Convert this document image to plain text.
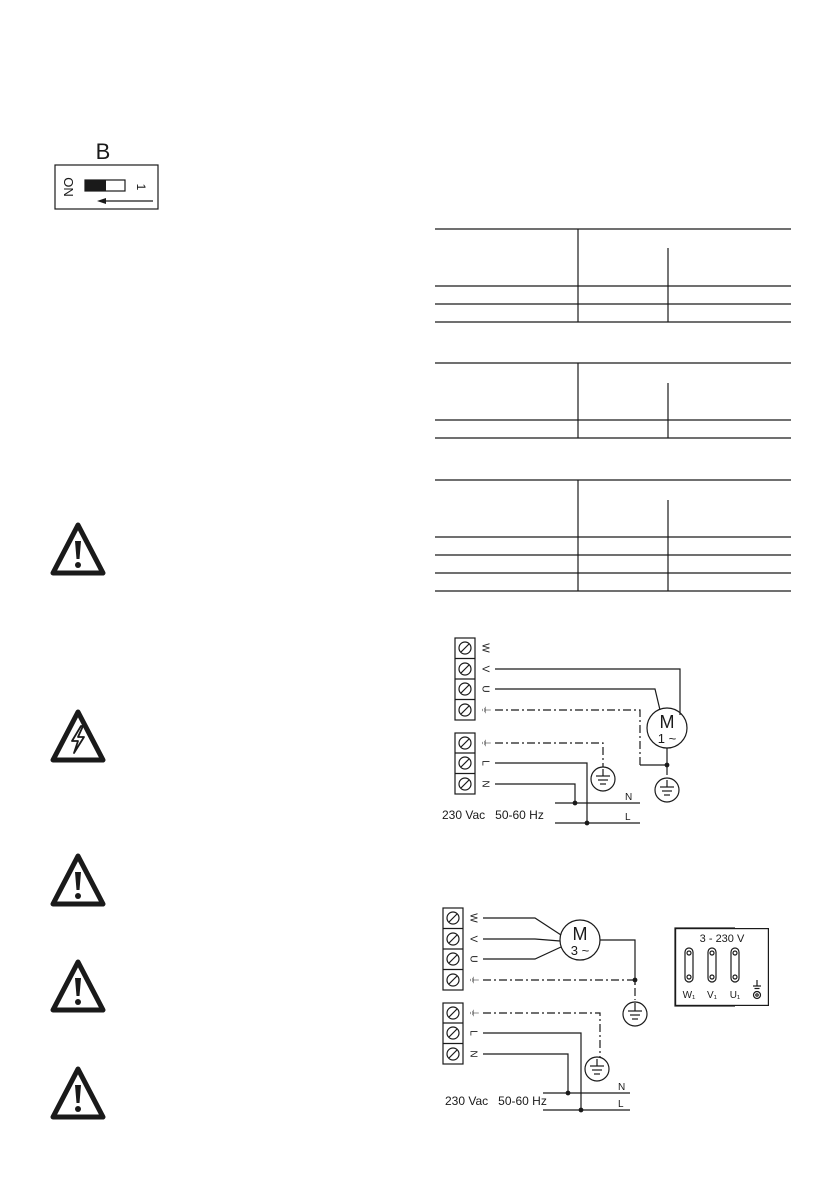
B
ON	1
W
V
U
⏚
⏚
L
N
M
1 ~
N
L
230 Vac   50-60 Hz
W
V
U
⏚
⏚
L
N
M
3 ~
N
L
230 Vac   50-60 Hz
3 - 230 V
W₁ V₁ U₁
